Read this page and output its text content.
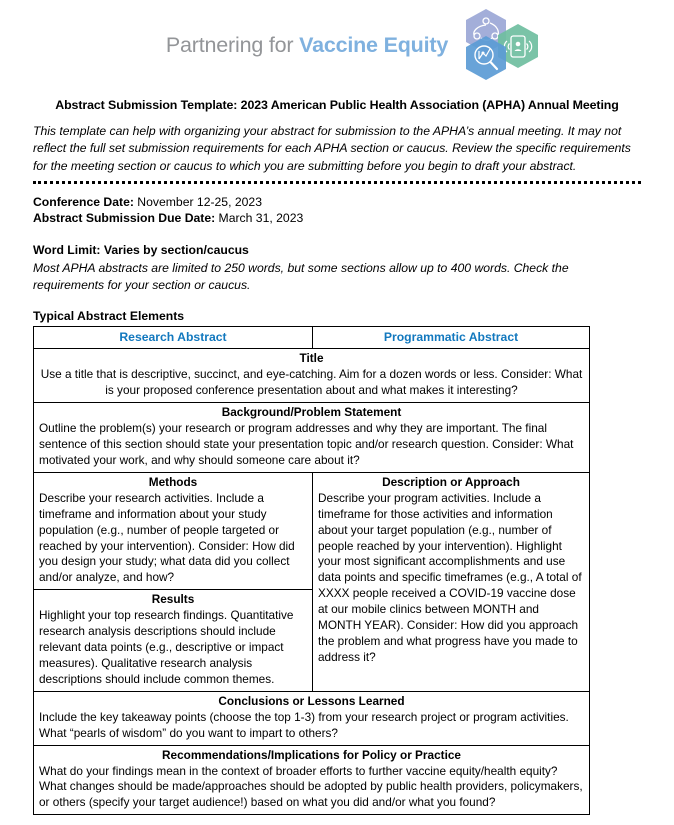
Partnering for Vaccine Equity
Abstract Submission Template: 2023 American Public Health Association (APHA) Annual Meeting

This template can help with organizing your abstract for submission to the APHA’s annual meeting. It may not reflect the full set submission requirements for each APHA section or caucus. Review the specific requirements for the meeting section or caucus to which you are submitting before you begin to draft your abstract.

Conference Date: November 12-25, 2023
Abstract Submission Due Date: March 31, 2023
Word Limit: Varies by section/caucus
Most APHA abstracts are limited to 250 words, but some sections allow up to 400 words. Check the requirements for your section or caucus.
Typical Abstract Elements
Research Abstract	Programmatic Abstract

Title
Use a title that is descriptive, succinct, and eye-catching. Aim for a dozen words or less. Consider: What is your proposed conference presentation about and what makes it interesting?	

Background/Problem Statement
Outline the problem(s) your research or program addresses and why they are important. The final sentence of this section should state your presentation topic and/or research question. Consider: What motivated your work, and why should someone care about it?	

Methods
Describe your research activities. Include a timeframe and information about your study population (e.g., number of people targeted or reached by your intervention). Consider: How did you design your study; what data did you collect and/or analyze, and how?

Description or Approach
Describe your program activities. Include a timeframe for those activities and information about your target population (e.g., number of people reached by your intervention). Highlight your most significant accomplishments and use data points and specific timeframes (e.g., A total of XXXX people received a COVID-19 vaccine dose at our mobile clinics between MONTH and MONTH YEAR). Consider: How did you approach the problem and what progress have you made to address it?

Results
Highlight your top research findings. Quantitative research analysis descriptions should include relevant data points (e.g., descriptive or impact measures). Qualitative research analysis descriptions should include common themes.	

Conclusions or Lessons Learned
Include the key takeaway points (choose the top 1-3) from your research project or program activities. What “pearls of wisdom” do you want to impart to others?	

Recommendations/Implications for Policy or Practice
What do your findings mean in the context of broader efforts to further vaccine equity/health equity? What changes should be made/approaches should be adopted by public health providers, policymakers, or others (specify your target audience!) based on what you did and/or what you found?	
